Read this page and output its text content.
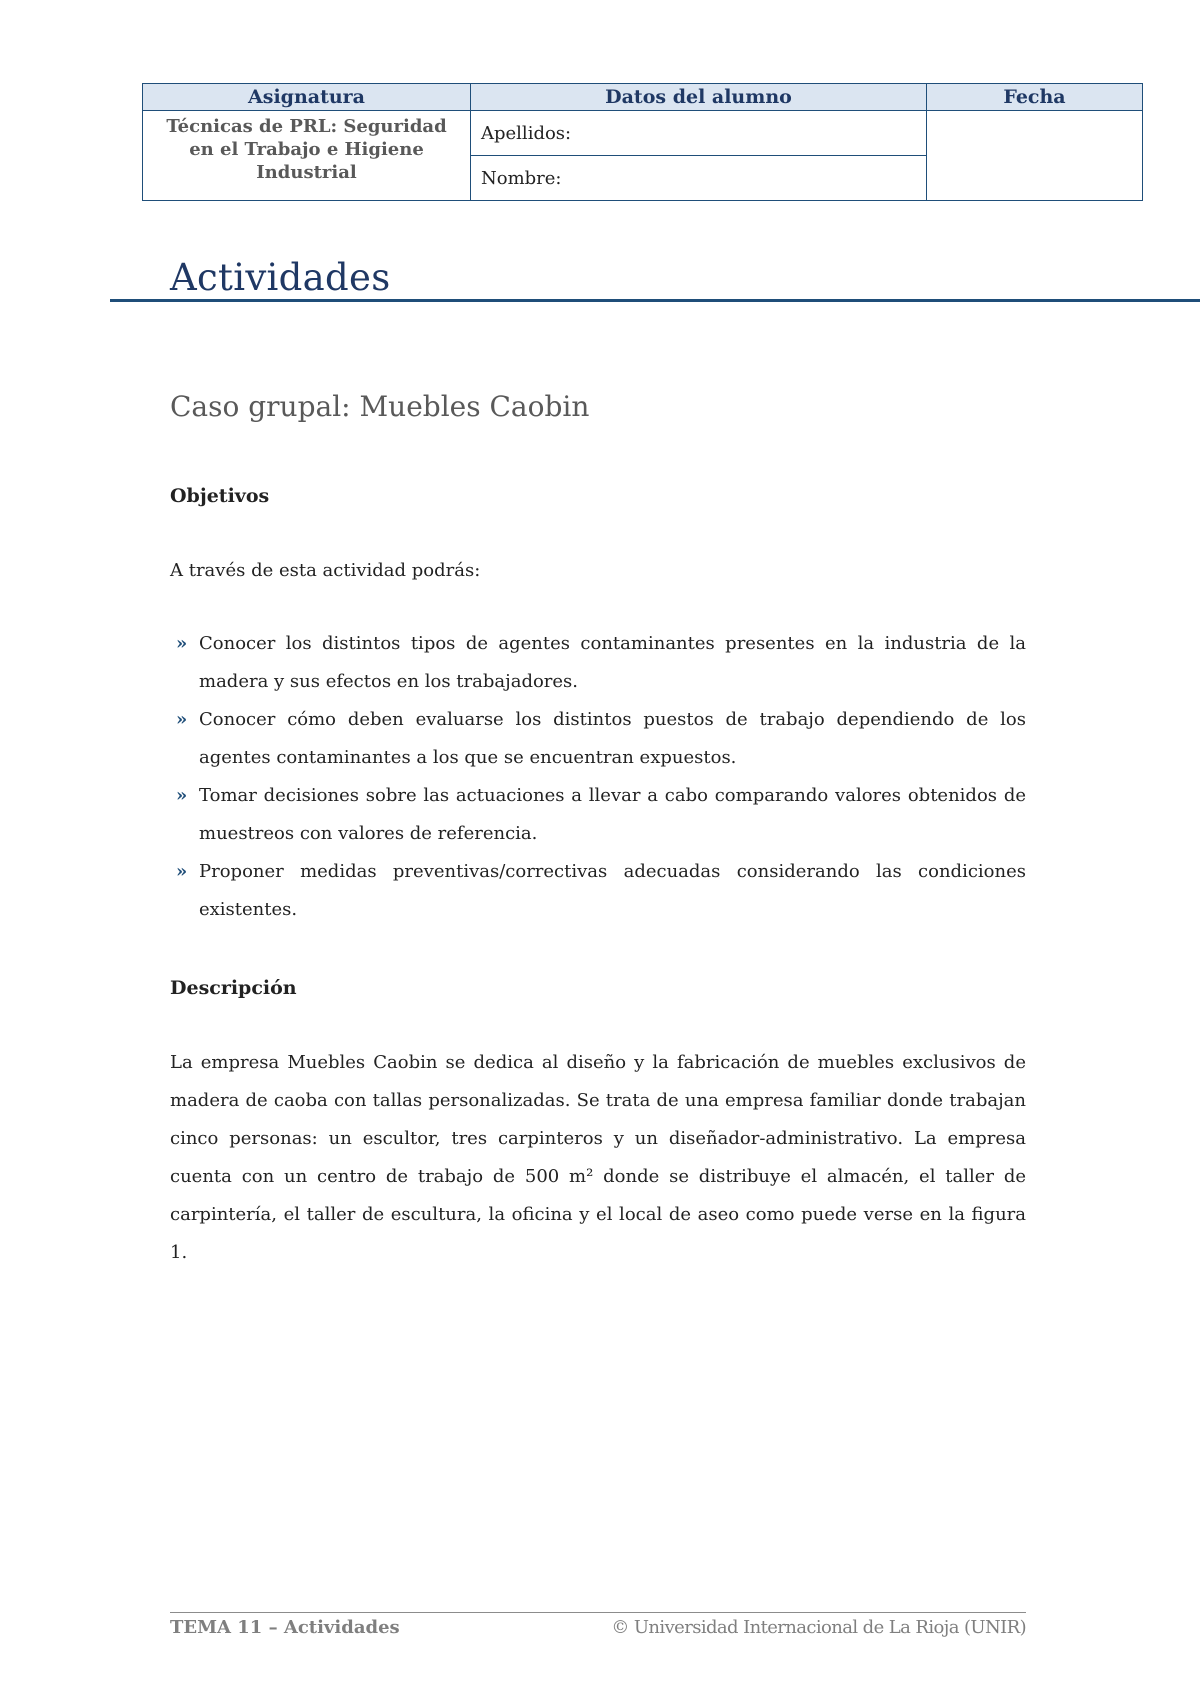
Asignatura	Datos del alumno	Fecha

Técnicas de PRL: Seguridad
en el Trabajo e Higiene
Industrial	Apellidos:	
	Nombre:	
Actividades
Caso grupal: Muebles Caobin
Objetivos

A través de esta actividad podrás:

» Conocer los distintos tipos de agentes contaminantes presentes en la industria de la madera y sus efectos en los trabajadores.
» Conocer cómo deben evaluarse los distintos puestos de trabajo dependiendo de los agentes contaminantes a los que se encuentran expuestos.
» Tomar decisiones sobre las actuaciones a llevar a cabo comparando valores obtenidos de muestreos con valores de referencia.
» Proponer medidas preventivas/correctivas adecuadas considerando las condiciones existentes.
Descripción

La empresa Muebles Caobin se dedica al diseño y la fabricación de muebles exclusivos de madera de caoba con tallas personalizadas. Se trata de una empresa familiar donde trabajan cinco personas: un escultor, tres carpinteros y un diseñador-administrativo. La empresa cuenta con un centro de trabajo de 500 m² donde se distribuye el almacén, el taller de carpintería, el taller de escultura, la oficina y el local de aseo como puede verse en la figura 1.

TEMA 11 – Actividades	© Universidad Internacional de La Rioja (UNIR)
